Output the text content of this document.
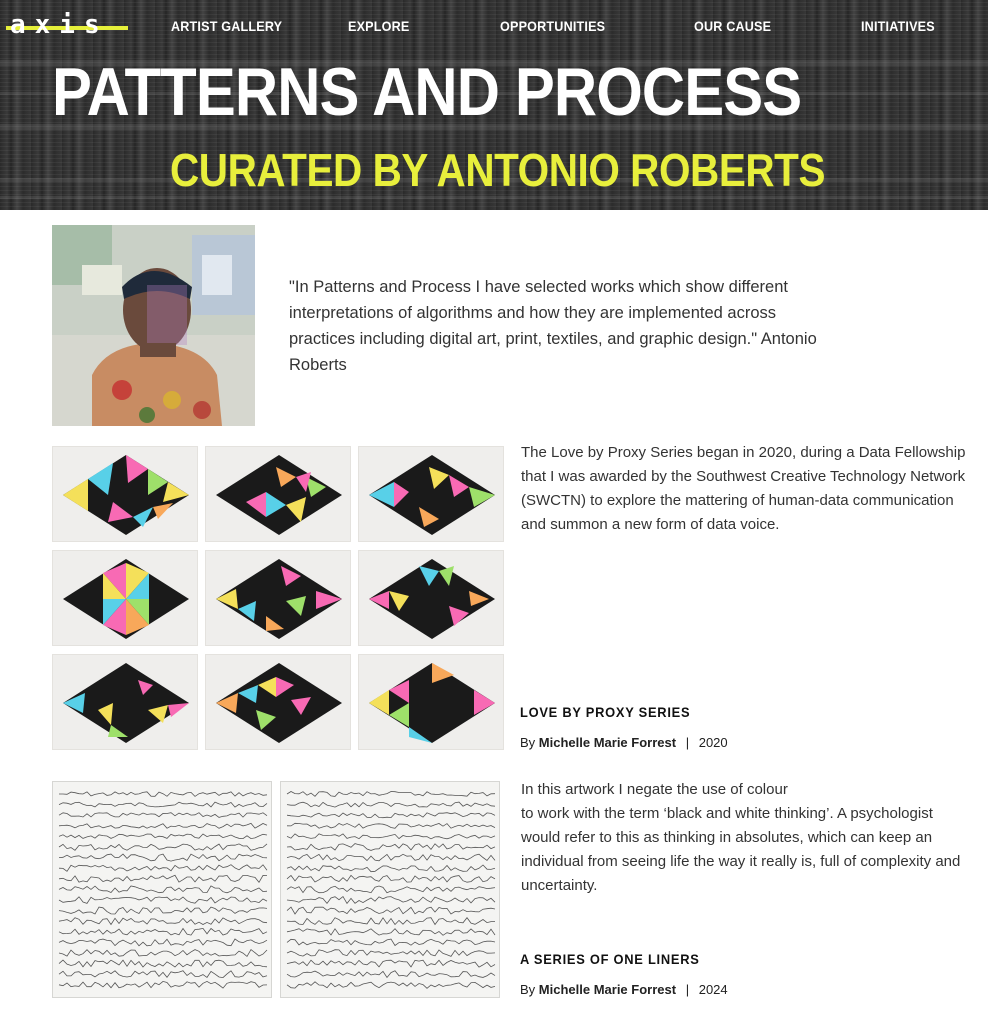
axis	ARTIST GALLERY	EXPLORE	OPPORTUNITIES	OUR CAUSE	INITIATIVES
PATTERNS AND PROCESS
CURATED BY ANTONIO ROBERTS
"In Patterns and Process I have selected works which show different interpretations of algorithms and how they are implemented across practices including digital art, print, textiles, and graphic design." Antonio Roberts
The Love by Proxy Series began in 2020, during a Data Fellowship that I was awarded by the Southwest Creative Technology Network (SWCTN) to explore the mattering of human-data communication and summon a new form of data voice.
LOVE BY PROXY SERIES
By Michelle Marie Forrest | 2020
In this artwork I negate the use of colour
to work with the term ‘black and white thinking’. A psychologist would refer to this as thinking in absolutes, which can keep an individual from seeing life the way it really is, full of complexity and uncertainty.
A SERIES OF ONE LINERS
By Michelle Marie Forrest | 2024
